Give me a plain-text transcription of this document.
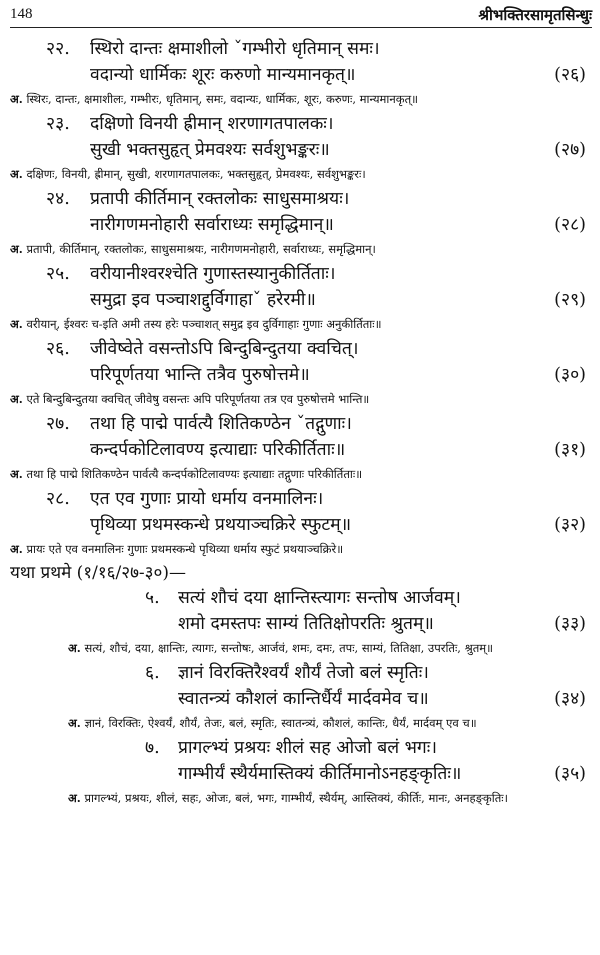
148	श्रीभक्तिरसामृतसिन्धुः
२२. स्थिरो दान्तः क्षमाशीलो ˇगम्भीरो धृतिमान् समः।
वदान्यो धार्मिकः शूरः करुणो मान्यमानकृत्॥	(२६)
अ. स्थिरः, दान्तः, क्षमाशीलः, गम्भीरः, धृतिमान्, समः, वदान्यः, धार्मिकः, शूरः, करुणः, मान्यमानकृत्॥
२३. दक्षिणो विनयी ह्रीमान् शरणागतपालकः।
सुखी भक्तसुहृत् प्रेमवश्यः सर्वशुभङ्करः॥	(२७)
अ. दक्षिणः, विनयी, ह्रीमान्, सुखी, शरणागतपालकः, भक्तसुहृत्, प्रेमवश्यः, सर्वशुभङ्करः।
२४. प्रतापी कीर्तिमान् रक्तलोकः साधुसमाश्रयः।
नारीगणमनोहारी सर्वाराध्यः समृद्धिमान्॥	(२८)
अ. प्रतापी, कीर्तिमान्, रक्तलोकः, साधुसमाश्रयः, नारीगणमनोहारी, सर्वाराध्यः, समृद्धिमान्।
२५. वरीयानीश्वरश्चेति गुणास्तस्यानुकीर्तिताः।
समुद्रा इव पञ्चाशद्दुर्विगाहाˇ हरेरमी॥	(२९)
अ. वरीयान्, ईश्वरः च-इति अमी तस्य हरेः पञ्चाशत् समुद्र इव दुर्विगाहाः गुणाः अनुकीर्तिताः॥
२६. जीवेष्वेते वसन्तोऽपि बिन्दुबिन्दुतया क्वचित्।
परिपूर्णतया भान्ति तत्रैव पुरुषोत्तमे॥	(३०)
अ. एते बिन्दुबिन्दुतया क्वचित् जीवेषु वसन्तः अपि परिपूर्णतया तत्र एव पुरुषोत्तमे भान्ति॥
२७. तथा हि पाद्मे पार्वत्यै शितिकण्ठेन ˇतद्गुणाः।
कन्दर्पकोटिलावण्य इत्याद्याः परिकीर्तिताः॥	(३१)
अ. तथा हि पाद्मे शितिकण्ठेन पार्वत्यै कन्दर्पकोटिलावण्यः इत्याद्याः तद्गुणाः परिकीर्तिताः॥
२८. एत एव गुणाः प्रायो धर्माय वनमालिनः।
पृथिव्या प्रथमस्कन्धे प्रथयाञ्चक्रिरे स्फुटम्॥	(३२)
अ. प्रायः एते एव वनमालिनः गुणाः प्रथमस्कन्धे पृथिव्या धर्माय स्फुटं प्रथयाञ्चक्रिरे॥
यथा प्रथमे (१/१६/२७-३०)—
५. सत्यं शौचं दया क्षान्तिस्त्यागः सन्तोष आर्जवम्।
शमो दमस्तपः साम्यं तितिक्षोपरतिः श्रुतम्॥	(३३)
अ. सत्यं, शौचं, दया, क्षान्तिः, त्यागः, सन्तोषः, आर्जवं, शमः, दमः, तपः, साम्यं, तितिक्षा, उपरतिः, श्रुतम्॥
६. ज्ञानं विरक्तिरैश्वर्यं शौर्यं तेजो बलं स्मृतिः।
स्वातन्त्र्यं कौशलं कान्तिर्धैर्यं मार्दवमेव च॥	(३४)
अ. ज्ञानं, विरक्तिः, ऐश्वर्यं, शौर्यं, तेजः, बलं, स्मृतिः, स्वातन्त्र्यं, कौशलं, कान्तिः, धैर्यं, मार्दवम् एव च॥
७. प्रागल्भ्यं प्रश्रयः शीलं सह ओजो बलं भगः।
गाम्भीर्यं स्थैर्यमास्तिक्यं कीर्तिमानोऽनहङ्कृतिः॥	(३५)
अ. प्रागल्भ्यं, प्रश्रयः, शीलं, सहः, ओजः, बलं, भगः, गाम्भीर्यं, स्थैर्यम्, आस्तिक्यं, कीर्तिः, मानः, अनहङ्कृतिः।
